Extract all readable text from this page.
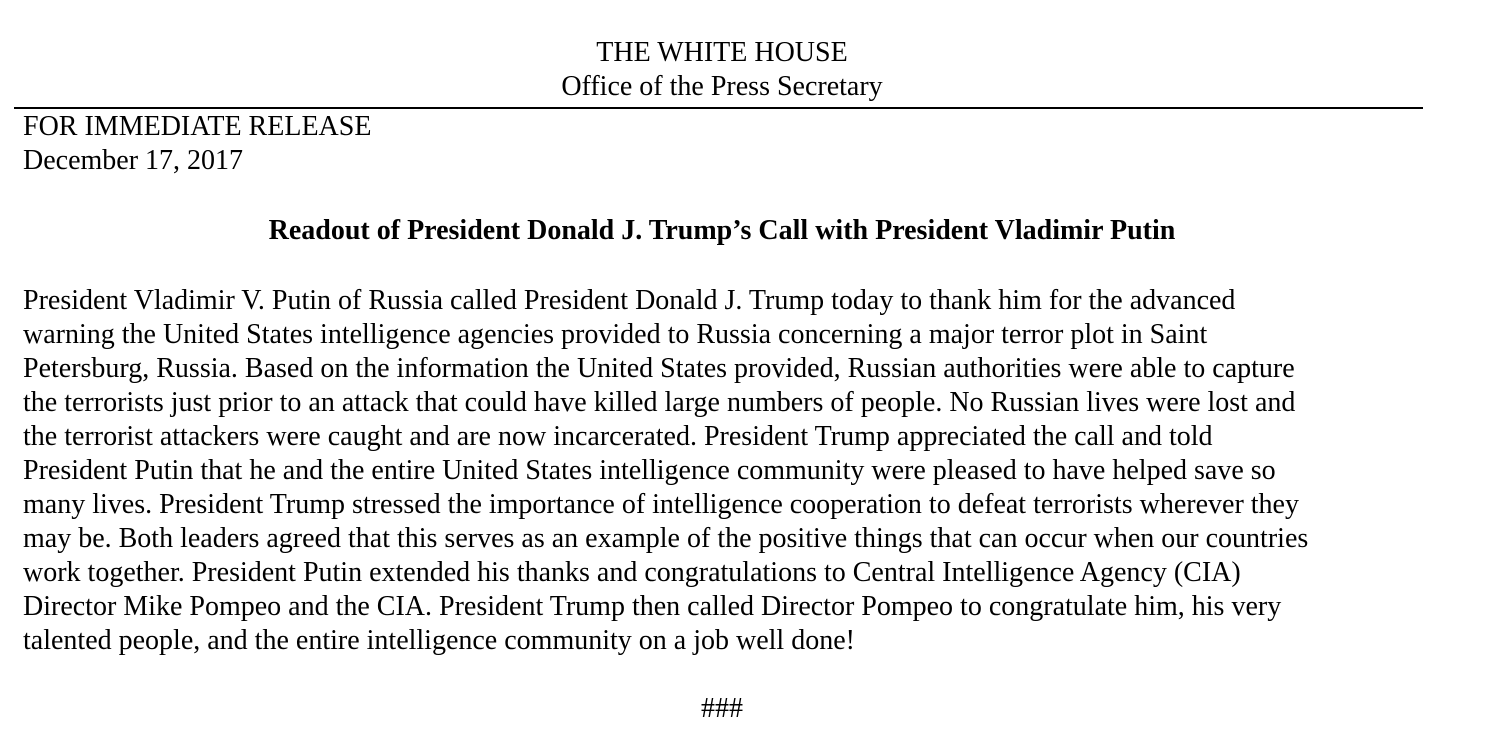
THE WHITE HOUSE
Office of the Press Secretary
FOR IMMEDIATE RELEASE
December 17, 2017
Readout of President Donald J. Trump’s Call with President Vladimir Putin
President Vladimir V. Putin of Russia called President Donald J. Trump today to thank him for the advanced
warning the United States intelligence agencies provided to Russia concerning a major terror plot in Saint
Petersburg, Russia. Based on the information the United States provided, Russian authorities were able to capture
the terrorists just prior to an attack that could have killed large numbers of people. No Russian lives were lost and
the terrorist attackers were caught and are now incarcerated. President Trump appreciated the call and told
President Putin that he and the entire United States intelligence community were pleased to have helped save so
many lives. President Trump stressed the importance of intelligence cooperation to defeat terrorists wherever they
may be. Both leaders agreed that this serves as an example of the positive things that can occur when our countries
work together. President Putin extended his thanks and congratulations to Central Intelligence Agency (CIA)
Director Mike Pompeo and the CIA. President Trump then called Director Pompeo to congratulate him, his very
talented people, and the entire intelligence community on a job well done!
###
